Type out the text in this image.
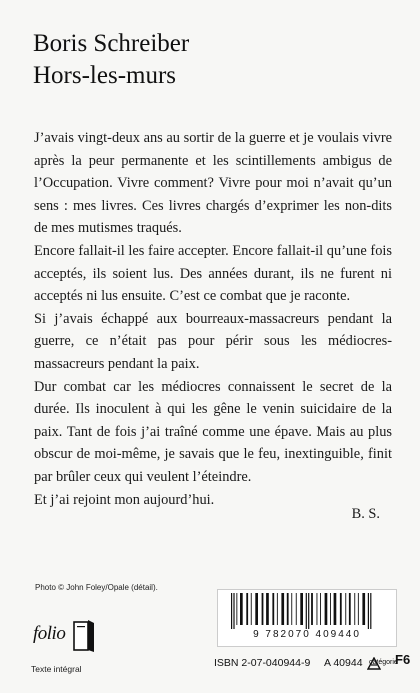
Boris Schreiber
Hors-les-murs

J’avais vingt-deux ans au sortir de la guerre et je voulais vivre après la peur permanente et les scintillements ambigus de l’Occupation. Vivre comment? Vivre pour moi n’avait qu’un sens : mes livres. Ces livres chargés d’exprimer les non-dits de mes mutismes traqués.

Encore fallait-il les faire accepter. Encore fallait-il qu’une fois acceptés, ils soient lus. Des années durant, ils ne furent ni acceptés ni lus ensuite. C’est ce combat que je raconte.

Si j’avais échappé aux bourreaux-massacreurs pendant la guerre, ce n’était pas pour périr sous les médiocres-massacreurs pendant la paix.

Dur combat car les médiocres connaissent le secret de la durée. Ils inoculent à qui les gêne le venin suicidaire de la paix. Tant de fois j’ai traîné comme une épave. Mais au plus obscur de moi-même, je savais que le feu, inextinguible, finit par brûler ceux qui veulent l’éteindre.

Et j’ai rejoint mon aujourd’hui.

B. S.
Photo © John Foley/Opale (détail).
9 782070 409440
folio
Texte intégral	ISBN 2-07-040944-9 A 40944 catégorie
F6
